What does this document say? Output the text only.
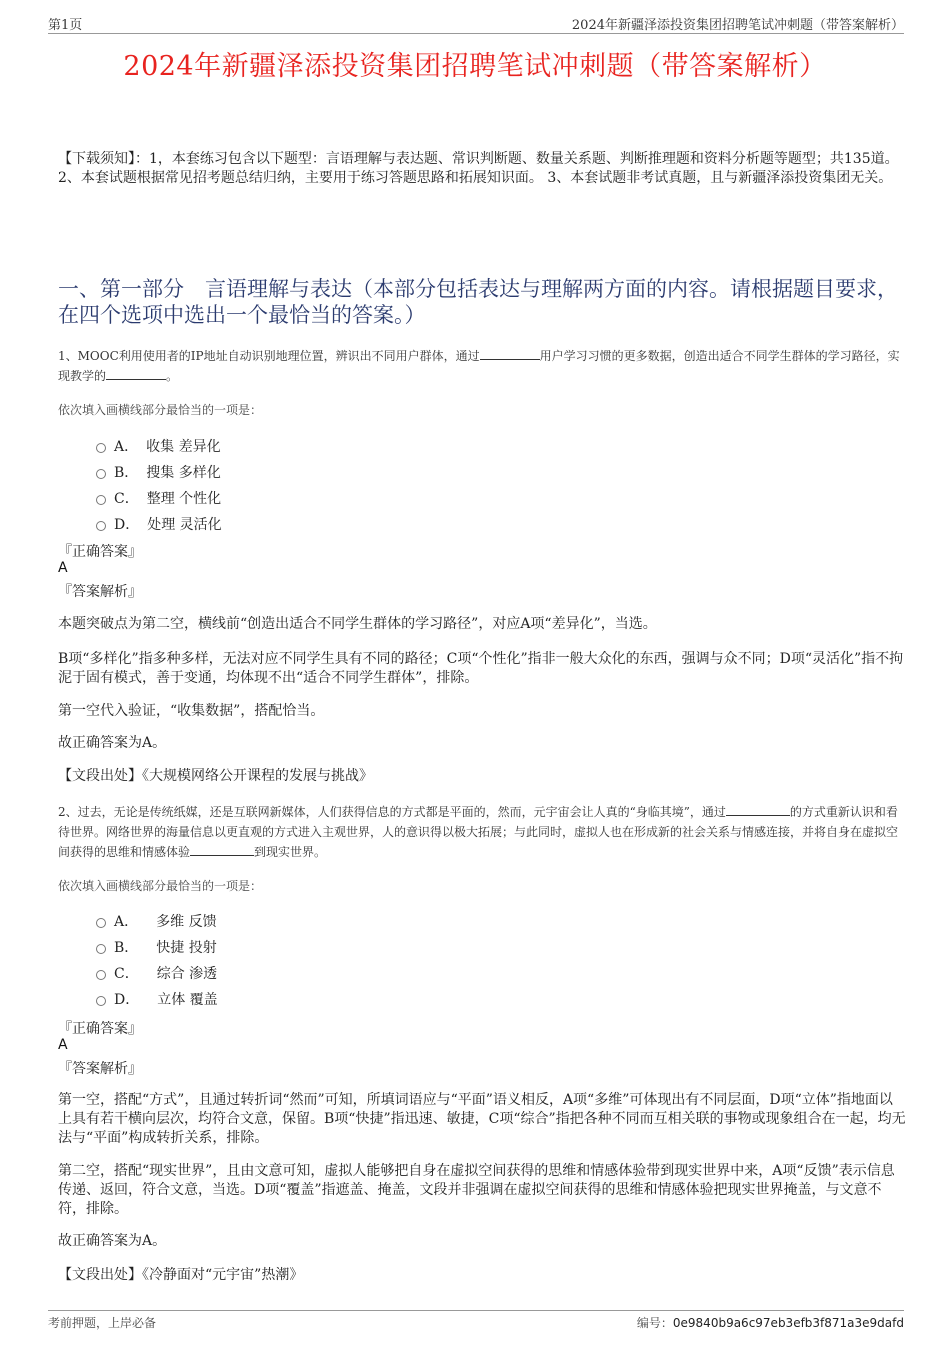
第1页	2024年新疆泽添投资集团招聘笔试冲刺题（带答案解析）
2024年新疆泽添投资集团招聘笔试冲刺题（带答案解析）
【下载须知】：1，本套练习包含以下题型：言语理解与表达题、常识判断题、数量关系题、判断推理题和资料分析题等题型；共135道。 2、本套试题根据常见招考题总结归纳，主要用于练习答题思路和拓展知识面。 3、本套试题非考试真题，且与新疆泽添投资集团无关。
一、第一部分　言语理解与表达（本部分包括表达与理解两方面的内容。请根据题目要求，在四个选项中选出一个最恰当的答案。）
1、MOOC利用使用者的IP地址自动识别地理位置，辨识出不同用户群体，通过	用户学习习惯的更多数据，创造出适合不同学生群体的学习路径，实现教学的	。
依次填入画横线部分最恰当的一项是：
A． 收集 差异化
B． 搜集 多样化
C． 整理 个性化
D． 处理 灵活化
『正确答案』
A
『答案解析』
本题突破点为第二空，横线前“创造出适合不同学生群体的学习路径”，对应A项“差异化”，当选。
B项“多样化”指多种多样，无法对应不同学生具有不同的路径；C项“个性化”指非一般大众化的东西，强调与众不同；D项“灵活化”指不拘泥于固有模式，善于变通，均体现不出“适合不同学生群体”，排除。
第一空代入验证，“收集数据”，搭配恰当。
故正确答案为A。
【文段出处】《大规模网络公开课程的发展与挑战》
2、过去，无论是传统纸媒，还是互联网新媒体，人们获得信息的方式都是平面的，然而，元宇宙会让人真的“身临其境”，通过	的方式重新认识和看待世界。网络世界的海量信息以更直观的方式进入主观世界，人的意识得以极大拓展；与此同时，虚拟人也在形成新的社会关系与情感连接，并将自身在虚拟空间获得的思维和情感体验	到现实世界。
依次填入画横线部分最恰当的一项是：
A． 多维 反馈
B． 快捷 投射
C． 综合 渗透
D． 立体 覆盖
『正确答案』
A
『答案解析』
第一空，搭配“方式”，且通过转折词“然而”可知，所填词语应与“平面”语义相反，A项“多维”可体现出有不同层面，D项“立体”指地面以上具有若干横向层次，均符合文意，保留。B项“快捷”指迅速、敏捷，C项“综合”指把各种不同而互相关联的事物或现象组合在一起，均无法与“平面”构成转折关系，排除。
第二空，搭配“现实世界”，且由文意可知，虚拟人能够把自身在虚拟空间获得的思维和情感体验带到现实世界中来，A项“反馈”表示信息传递、返回，符合文意，当选。D项“覆盖”指遮盖、掩盖，文段并非强调在虚拟空间获得的思维和情感体验把现实世界掩盖，与文意不符，排除。
故正确答案为A。
【文段出处】《冷静面对“元宇宙”热潮》
考前押题，上岸必备	编号：0e9840b9a6c97eb3efb3f871a3e9dafd
